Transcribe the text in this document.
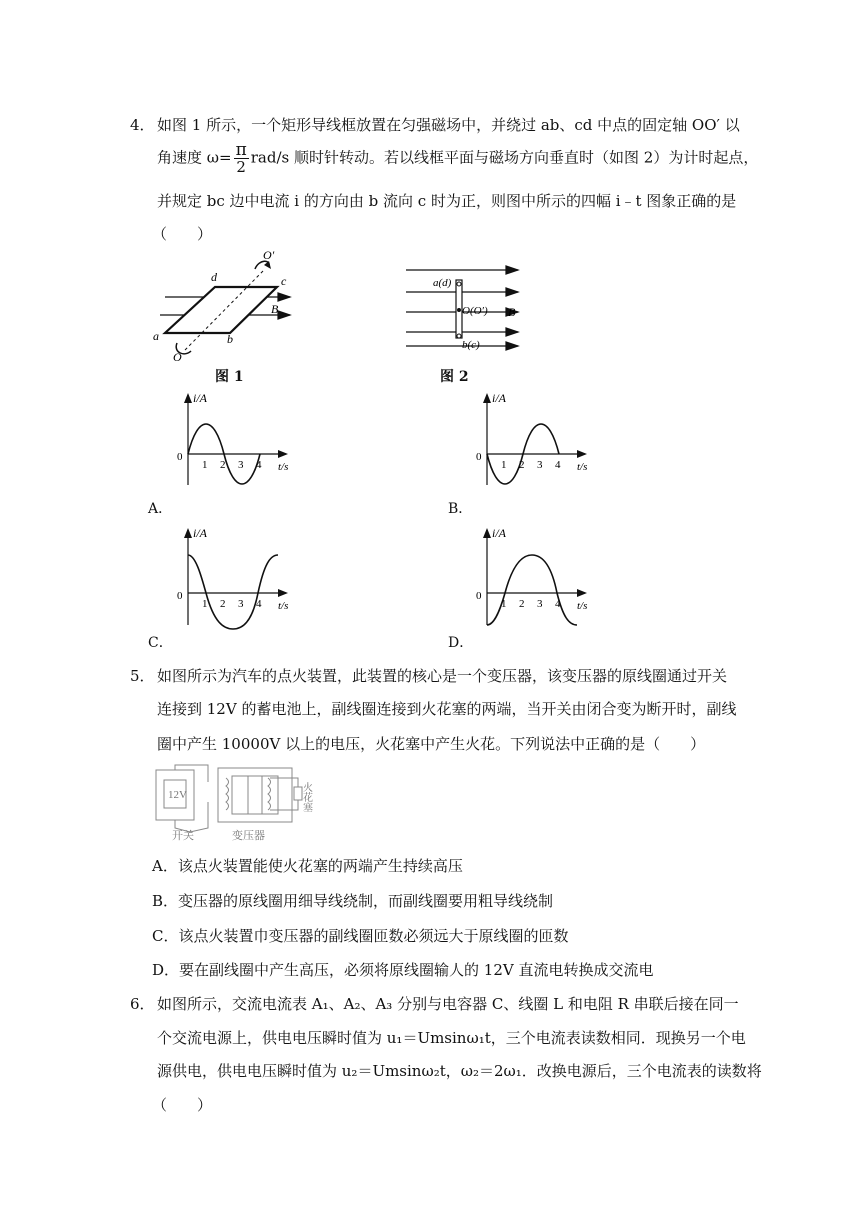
4． 如图 1 所示，一个矩形导线框放置在匀强磁场中，并绕过 ab、cd 中点的固定轴 OO′ 以
角速度 $\omega= \frac{\pi}{2} rad/s$ 顺时针转动。若以线框平面与磁场方向垂直时（如图 2）为计时起点，
并规定 bc 边中电流 i 的方向由 b 流向 c 时为正，则图中所示的四幅 i﹣t 图象正确的是
（　　）
d	c
a	b
B
O
O′
图 1
a(d)
O(O′) B
b(c)
图 2
i/A
0
1 2 3 4 t/s
A．
i/A
0
1 2 3 4 t/s
B．
i/A
0
1 2 3 4 t/s
C．
i/A
0
1 2 3 4 t/s
D．
5． 如图所示为汽车的点火装置，此装置的核心是一个变压器，该变压器的原线圈通过开关
连接到 12V 的蓄电池上，副线圈连接到火花塞的两端，当开关由闭合变为断开时，副线
圈中产生 10000V 以上的电压，火花塞中产生火花。下列说法中正确的是（　　）
12V
开关	变压器
火花塞
A．该点火装置能使火花塞的两端产生持续高压
B．变压器的原线圈用细导线绕制，而副线圈要用粗导线绕制
C．该点火装置巾变压器的副线圈匝数必须远大于原线圈的匝数
D．要在副线圈中产生高压，必须将原线圈输人的 12V 直流电转换成交流电
6． 如图所示，交流电流表 A₁、A₂、A₃ 分别与电容器 C、线圈 L 和电阻 R 串联后接在同一
个交流电源上，供电电压瞬时值为 u₁＝Umsinω₁t，三个电流表读数相同．现换另一个电
源供电，供电电压瞬时值为 u₂＝Umsinω₂t，ω₂＝2ω₁．改换电源后，三个电流表的读数将
（　　）
